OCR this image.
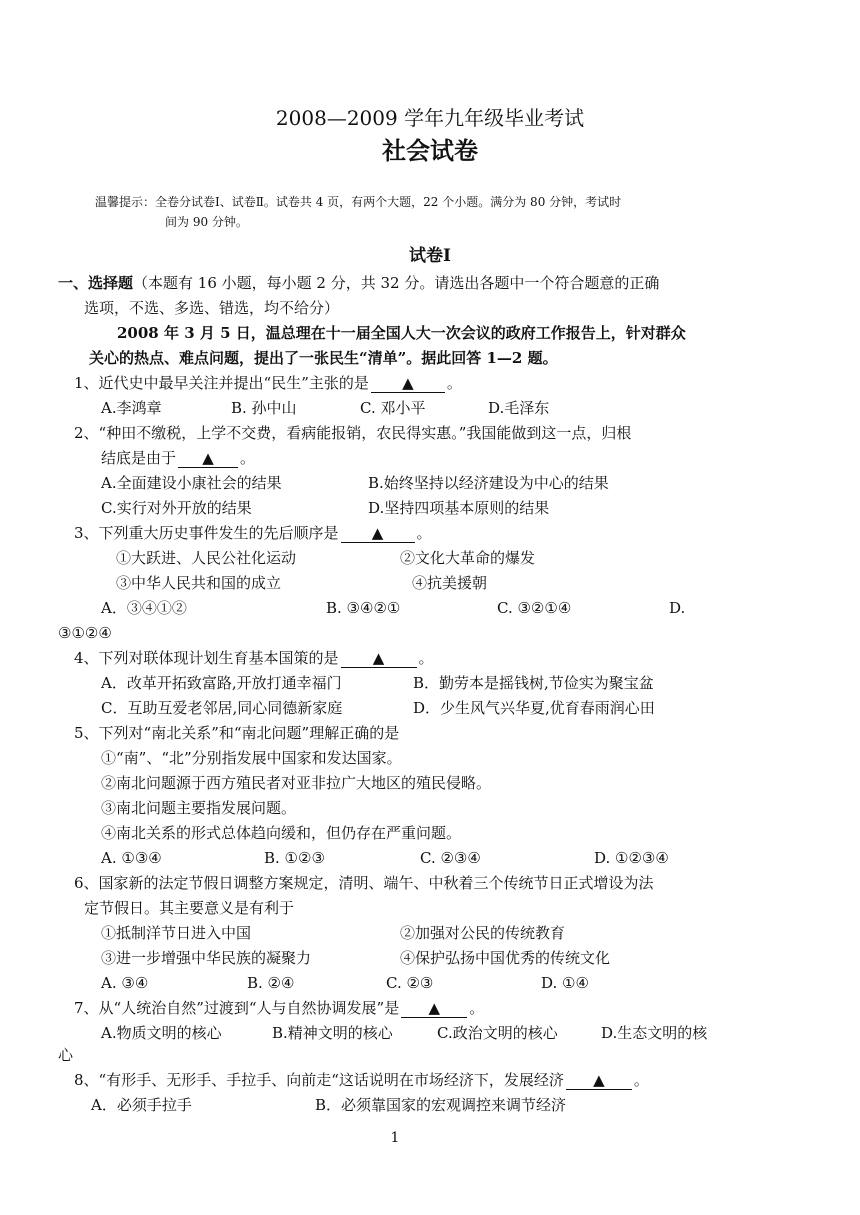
2008—2009 学年九年级毕业考试
社会试卷
温馨提示：全卷分试卷Ⅰ、试卷Ⅱ。试卷共 4 页，有两个大题，22 个小题。满分为 80 分钟，考试时
间为 90 分钟。
试卷Ⅰ
一、选择题（本题有 16 小题，每小题 2 分，共 32 分。请选出各题中一个符合题意的正确
选项，不选、多选、错选，均不给分）
2008 年 3 月 5 日，温总理在十一届全国人大一次会议的政府工作报告上，针对群众
关心的热点、难点问题，提出了一张民生“清单”。据此回答 1—2 题。
1、近代史中最早关注并提出“民生”主张的是 ▲ 。
A.李鸿章	B. 孙中山	C. 邓小平	D.毛泽东
2、“种田不缴税，上学不交费，看病能报销，农民得实惠。”我国能做到这一点，归根
结底是由于 ▲ 。
A.全面建设小康社会的结果	B.始终坚持以经济建设为中心的结果
C.实行对外开放的结果	D.坚持四项基本原则的结果
3、下列重大历史事件发生的先后顺序是 ▲ 。
①大跃进、人民公社化运动	②文化大革命的爆发
③中华人民共和国的成立	④抗美援朝
A．③④①②	B. ③④②①	C. ③②①④	D.
③①②④
4、下列对联体现计划生育基本国策的是 ▲ 。
A．改革开拓致富路,开放打通幸福门	B．勤劳本是摇钱树,节俭实为聚宝盆
C．互助互爱老邻居,同心同德新家庭	D．少生风气兴华夏,优育春雨润心田
5、下列对“南北关系”和“南北问题”理解正确的是
①“南”、“北”分别指发展中国家和发达国家。
②南北问题源于西方殖民者对亚非拉广大地区的殖民侵略。
③南北问题主要指发展问题。
④南北关系的形式总体趋向缓和，但仍存在严重问题。
A. ①③④	B. ①②③	C. ②③④	D. ①②③④
6、国家新的法定节假日调整方案规定，清明、端午、中秋着三个传统节日正式增设为法
定节假日。其主要意义是有利于
①抵制洋节日进入中国	②加强对公民的传统教育
③进一步增强中华民族的凝聚力	④保护弘扬中国优秀的传统文化
A. ③④	B. ②④	C. ②③	D. ①④
7、从“人统治自然”过渡到“人与自然协调发展”是 ▲ 。
A.物质文明的核心	B.精神文明的核心	C.政治文明的核心	D.生态文明的核
心
8、“有形手、无形手、手拉手、向前走“这话说明在市场经济下，发展经济 ▲ 。
A．必须手拉手	B．必须靠国家的宏观调控来调节经济
1
